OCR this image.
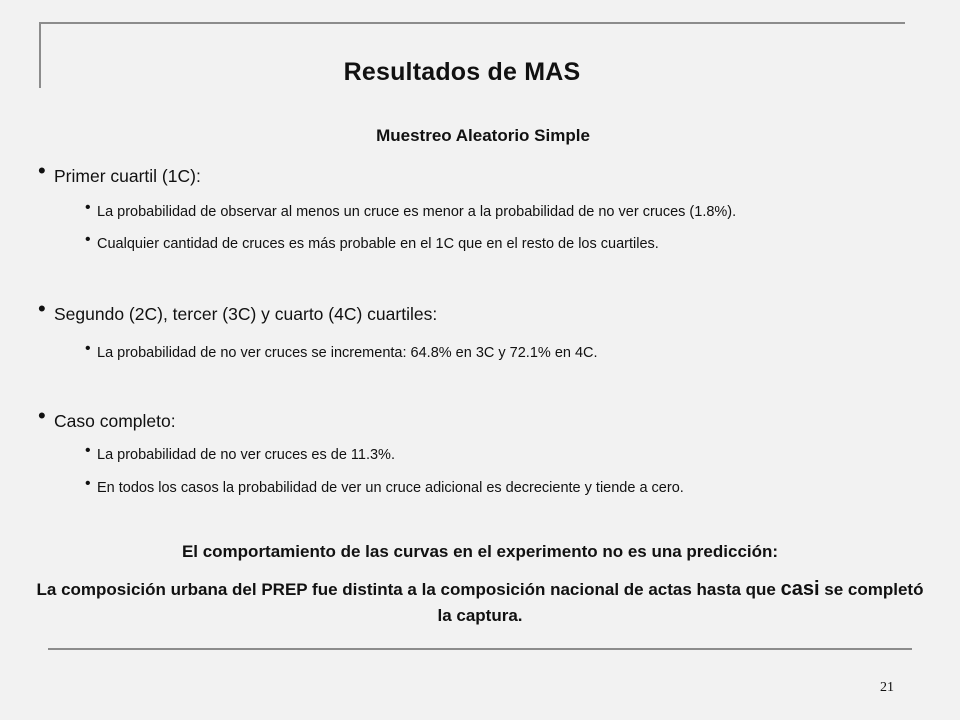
Resultados de MAS
Muestreo Aleatorio Simple
• Primer cuartil (1C):
• La probabilidad de observar al menos un cruce es menor a la probabilidad de no ver cruces (1.8%).
• Cualquier cantidad de cruces es más probable en el 1C que en el resto de los cuartiles.
• Segundo (2C), tercer (3C) y cuarto (4C) cuartiles:
• La probabilidad de no ver cruces se incrementa: 64.8% en 3C y 72.1% en 4C.
• Caso completo:
• La probabilidad de no ver cruces es de 11.3%.
• En todos los casos la probabilidad de ver un cruce adicional es decreciente y tiende a cero.
El comportamiento de las curvas en el experimento no es una predicción:
La composición urbana del PREP fue distinta a la composición nacional de actas hasta que casi se completó la captura.
21
